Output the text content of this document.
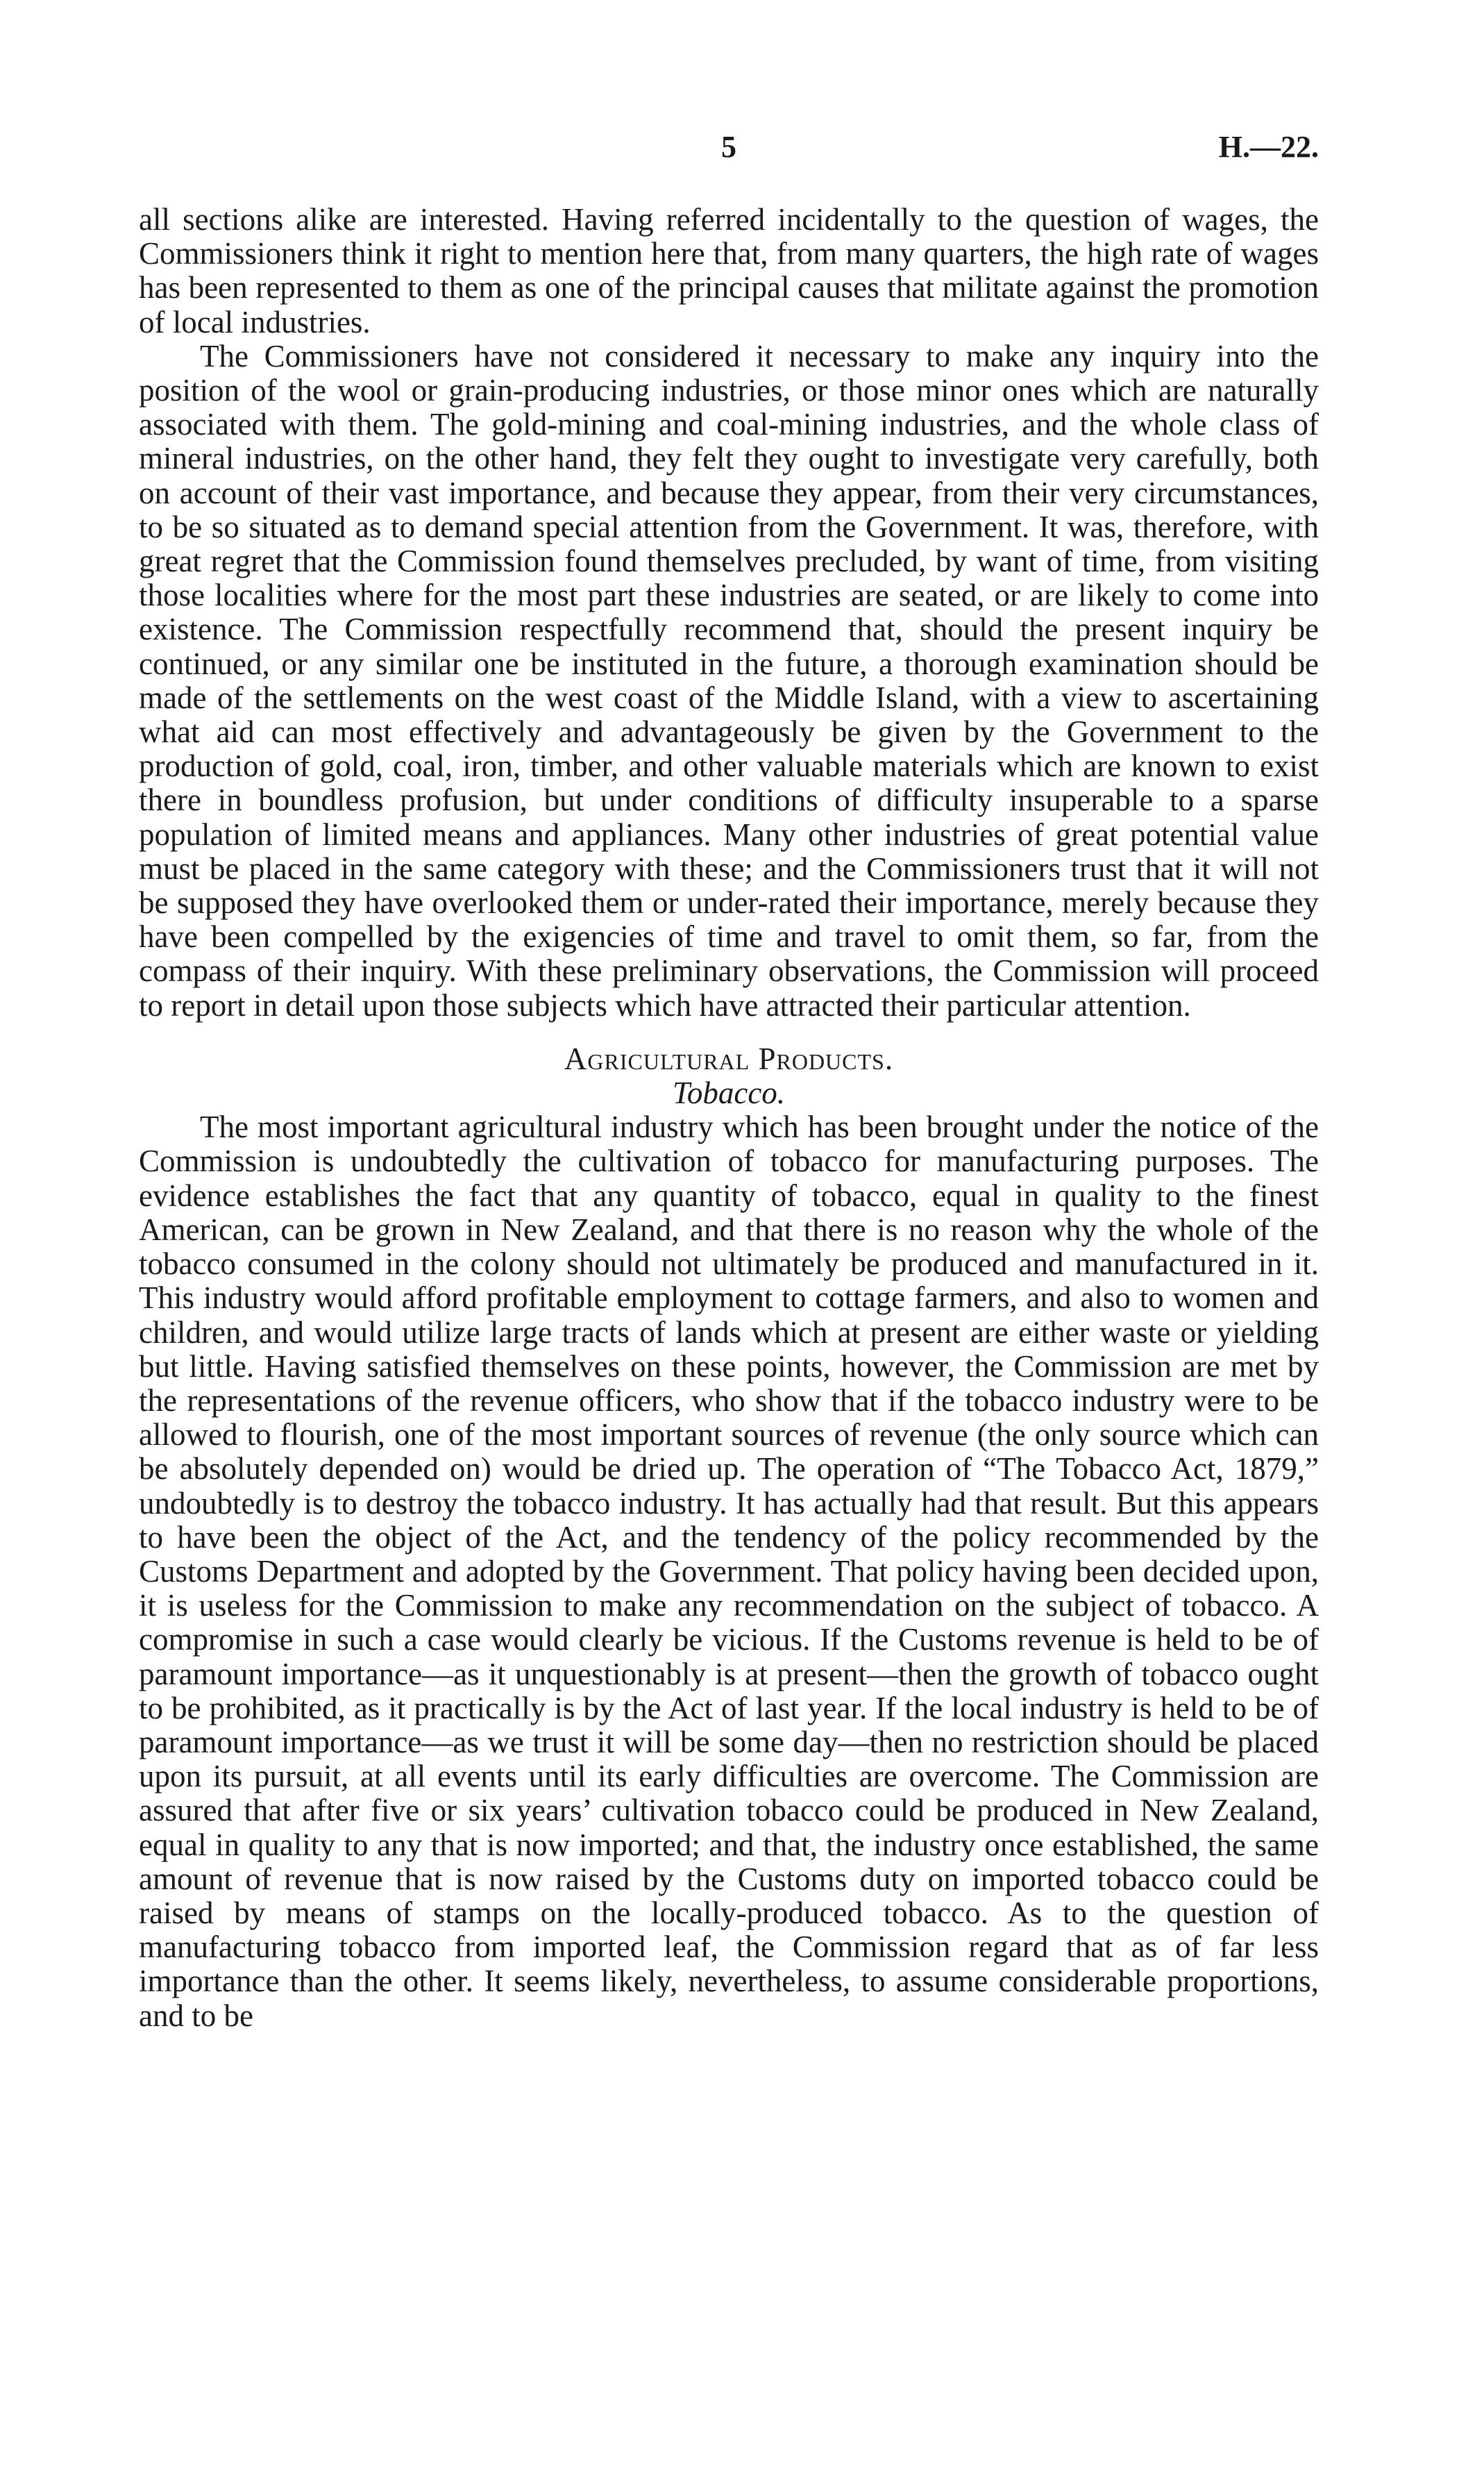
5	H.—22.

all sections alike are interested. Having referred incidentally to the question of wages, the Commissioners think it right to mention here that, from many quarters, the high rate of wages has been represented to them as one of the principal causes that militate against the promotion of local industries.

The Commissioners have not considered it necessary to make any inquiry into the position of the wool or grain-producing industries, or those minor ones which are naturally associated with them. The gold-mining and coal-mining industries, and the whole class of mineral industries, on the other hand, they felt they ought to investigate very carefully, both on account of their vast importance, and because they appear, from their very circumstances, to be so situated as to demand special attention from the Government. It was, therefore, with great regret that the Commission found themselves precluded, by want of time, from visiting those localities where for the most part these industries are seated, or are likely to come into existence. The Commission respectfully recommend that, should the present inquiry be continued, or any similar one be instituted in the future, a thorough examination should be made of the settlements on the west coast of the Middle Island, with a view to ascertaining what aid can most effectively and advantageously be given by the Government to the production of gold, coal, iron, timber, and other valuable materials which are known to exist there in boundless profusion, but under conditions of difficulty insuperable to a sparse population of limited means and appliances. Many other industries of great potential value must be placed in the same category with these; and the Commissioners trust that it will not be supposed they have overlooked them or under-rated their importance, merely because they have been compelled by the exigencies of time and travel to omit them, so far, from the compass of their inquiry. With these preliminary observations, the Commission will proceed to report in detail upon those subjects which have attracted their particular attention.

Agricultural Products.

Tobacco.

The most important agricultural industry which has been brought under the notice of the Commission is undoubtedly the cultivation of tobacco for manufacturing purposes. The evidence establishes the fact that any quantity of tobacco, equal in quality to the finest American, can be grown in New Zealand, and that there is no reason why the whole of the tobacco consumed in the colony should not ultimately be produced and manufactured in it. This industry would afford profitable employment to cottage farmers, and also to women and children, and would utilize large tracts of lands which at present are either waste or yielding but little. Having satisfied themselves on these points, however, the Commission are met by the representations of the revenue officers, who show that if the tobacco industry were to be allowed to flourish, one of the most important sources of revenue (the only source which can be absolutely depended on) would be dried up. The operation of “The Tobacco Act, 1879,” undoubtedly is to destroy the tobacco industry. It has actually had that result. But this appears to have been the object of the Act, and the tendency of the policy recommended by the Customs Department and adopted by the Government. That policy having been decided upon, it is useless for the Commission to make any recommendation on the subject of tobacco. A compromise in such a case would clearly be vicious. If the Customs revenue is held to be of paramount importance—as it unquestionably is at present—then the growth of tobacco ought to be prohibited, as it practically is by the Act of last year. If the local industry is held to be of paramount importance—as we trust it will be some day—then no restriction should be placed upon its pursuit, at all events until its early difficulties are overcome. The Commission are assured that after five or six years’ cultivation tobacco could be produced in New Zealand, equal in quality to any that is now imported; and that, the industry once established, the same amount of revenue that is now raised by the Customs duty on imported tobacco could be raised by means of stamps on the locally-produced tobacco. As to the question of manufacturing tobacco from imported leaf, the Commission regard that as of far less importance than the other. It seems likely, nevertheless, to assume considerable proportions, and to be
